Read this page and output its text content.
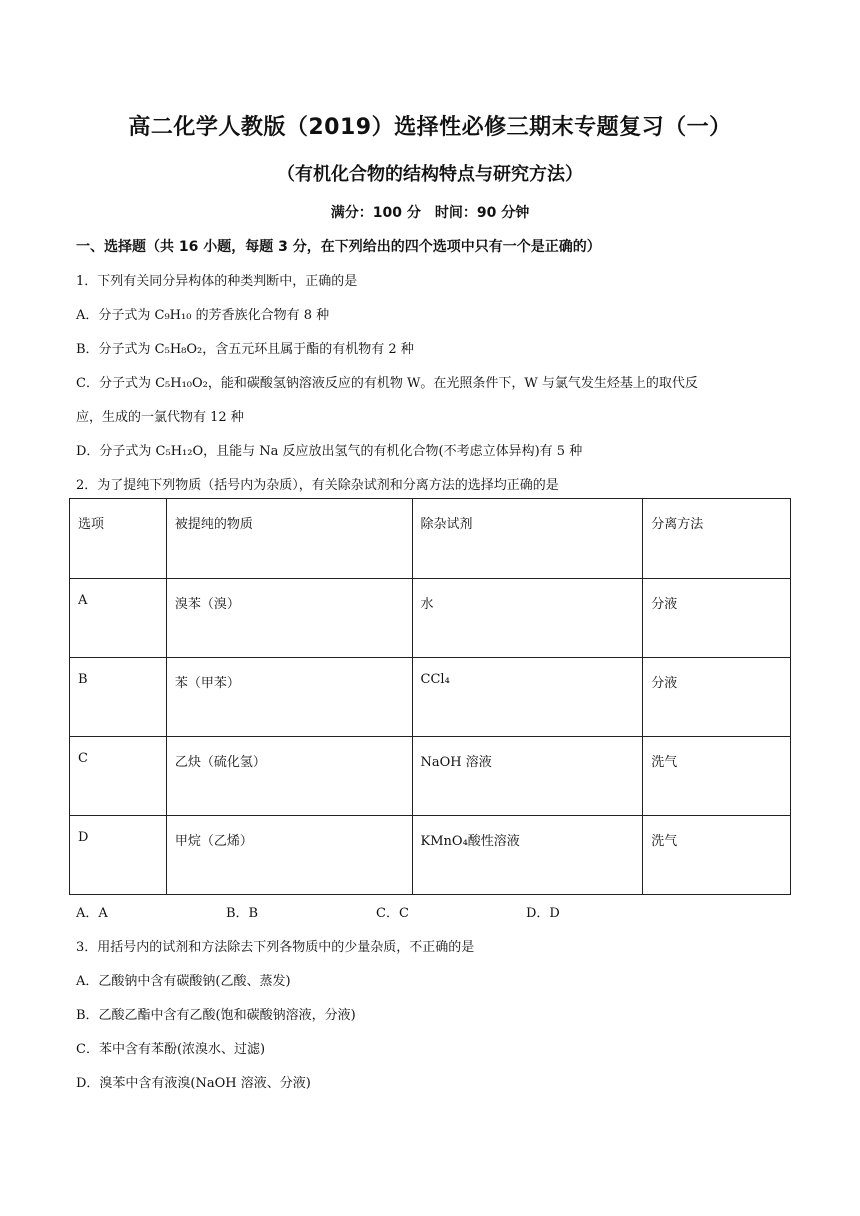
高二化学人教版（2019）选择性必修三期末专题复习（一）
（有机化合物的结构特点与研究方法）
满分：100 分　时间：90 分钟
一、选择题（共 16 小题，每题 3 分，在下列给出的四个选项中只有一个是正确的）
1．下列有关同分异构体的种类判断中，正确的是
A．分子式为 C₉H₁₀ 的芳香族化合物有 8 种
B．分子式为 C₅H₈O₂，含五元环且属于酯的有机物有 2 种
C．分子式为 C₅H₁₀O₂，能和碳酸氢钠溶液反应的有机物 W。在光照条件下，W 与氯气发生烃基上的取代反
应，生成的一氯代物有 12 种
D．分子式为 C₅H₁₂O，且能与 Na 反应放出氢气的有机化合物(不考虑立体异构)有 5 种
2．为了提纯下列物质（括号内为杂质），有关除杂试剂和分离方法的选择均正确的是
选项	被提纯的物质	除杂试剂	分离方法
A	溴苯（溴）	水	分液
B	苯（甲苯）	CCl₄	分液
C	乙炔（硫化氢）	NaOH 溶液	洗气
D	甲烷（乙烯）	KMnO₄酸性溶液	洗气
A．A	B．B	C．C	D．D
3．用括号内的试剂和方法除去下列各物质中的少量杂质，不正确的是
A．乙酸钠中含有碳酸钠(乙酸、蒸发)
B．乙酸乙酯中含有乙酸(饱和碳酸钠溶液，分液)
C．苯中含有苯酚(浓溴水、过滤)
D．溴苯中含有液溴(NaOH 溶液、分液)
